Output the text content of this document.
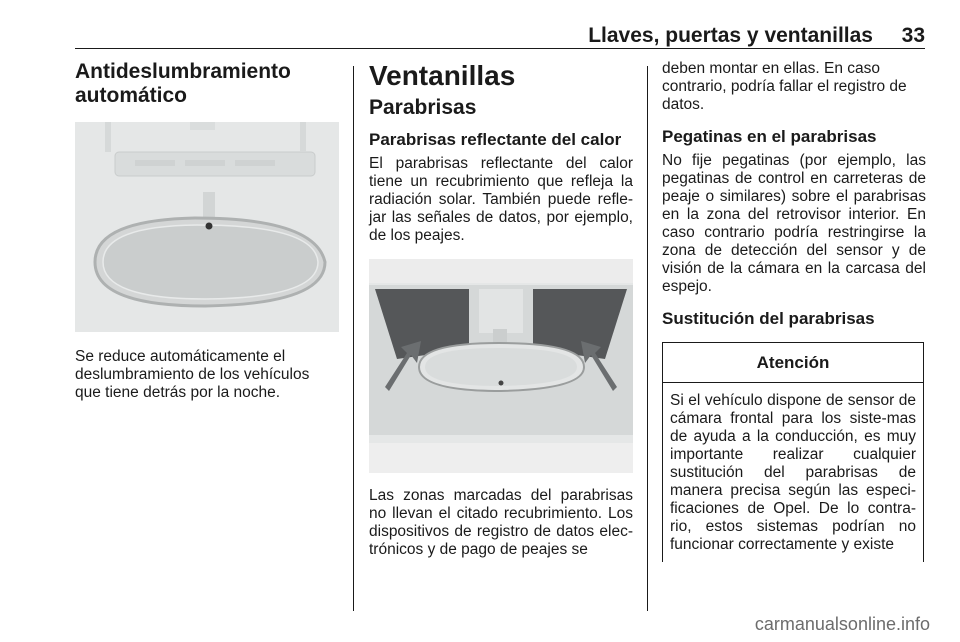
Llaves, puertas y ventanillas 33
Antideslumbramiento automático

Se reduce automáticamente el deslumbramiento de los vehículos que tiene detrás por la noche.

Ventanillas
Parabrisas
Parabrisas reflectante del calor

El parabrisas reflectante del calor tiene un recubrimiento que refleja la radiación solar. También puede refle-jar las señales de datos, por ejemplo, de los peajes.

Las zonas marcadas del parabrisas no llevan el citado recubrimiento. Los dispositivos de registro de datos elec-trónicos y de pago de peajes se

deben montar en ellas. En caso contrario, podría fallar el registro de datos.

Pegatinas en el parabrisas

No fije pegatinas (por ejemplo, las pegatinas de control en carreteras de peaje o similares) sobre el parabrisas en la zona del retrovisor interior. En caso contrario podría restringirse la zona de detección del sensor y de visión de la cámara en la carcasa del espejo.

Sustitución del parabrisas
Atención
Si el vehículo dispone de sensor de cámara frontal para los siste-mas de ayuda a la conducción, es muy importante realizar cualquier sustitución del parabrisas de manera precisa según las especi-ficaciones de Opel. De lo contra-rio, estos sistemas podrían no funcionar correctamente y existe
carmanualsonline.info
